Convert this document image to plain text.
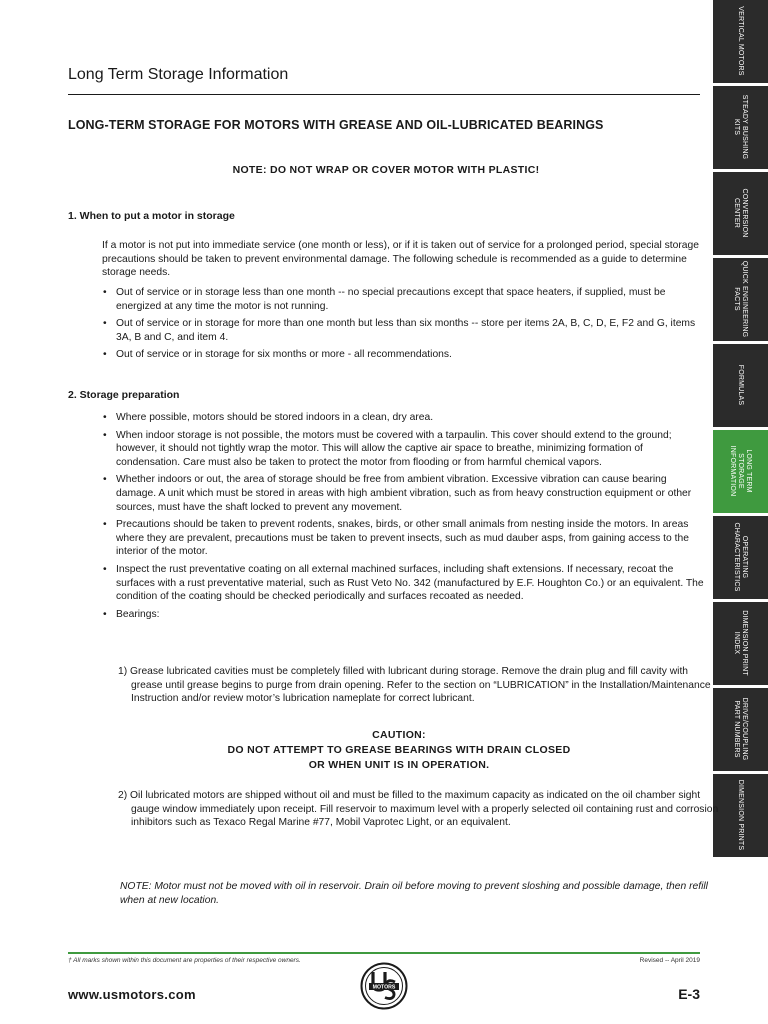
Long Term Storage Information	VERTICAL MOTORS
STEADY BUSHING KITS
CONVERSION CENTER
QUICK ENGINEERING FACTS
FORMULAS
LONG TERM STORAGE INFORMATION
OPERATING CHARACTERISTICS
DIMENSION PRINT INDEX
DRIVE/COUPLING PART NUMBERS
DIMENSION PRINTS
LONG-TERM STORAGE FOR MOTORS WITH GREASE AND OIL-LUBRICATED BEARINGS
NOTE: DO NOT WRAP OR COVER MOTOR WITH PLASTIC!
1. When to put a motor in storage
If a motor is not put into immediate service (one month or less), or if it is taken out of service for a prolonged period, special storage precautions should be taken to prevent environmental damage. The following schedule is recommended as a guide to determine storage needs.
• Out of service or in storage less than one month -- no special precautions except that space heaters, if supplied, must be energized at any time the motor is not running.
• Out of service or in storage for more than one month but less than six months -- store per items 2A, B, C, D, E, F2 and G, items 3A, B and C, and item 4.
• Out of service or in storage for six months or more - all recommendations.
2. Storage preparation
• Where possible, motors should be stored indoors in a clean, dry area.
• When indoor storage is not possible, the motors must be covered with a tarpaulin. This cover should extend to the ground; however, it should not tightly wrap the motor. This will allow the captive air space to breathe, minimizing formation of condensation. Care must also be taken to protect the motor from flooding or from harmful chemical vapors.
• Whether indoors or out, the area of storage should be free from ambient vibration. Excessive vibration can cause bearing damage. A unit which must be stored in areas with high ambient vibration, such as from heavy construction equipment or other sources, must have the shaft locked to prevent any movement.
• Precautions should be taken to prevent rodents, snakes, birds, or other small animals from nesting inside the motors. In areas where they are prevalent, precautions must be taken to prevent insects, such as mud dauber asps, from gaining access to the interior of the motor.
• Inspect the rust preventative coating on all external machined surfaces, including shaft extensions. If necessary, recoat the surfaces with a rust preventative material, such as Rust Veto No. 342 (manufactured by E.F. Houghton Co.) or an equivalent. The condition of the coating should be checked periodically and surfaces recoated as needed.
• Bearings:
1) Grease lubricated cavities must be completely filled with lubricant during storage. Remove the drain plug and fill cavity with grease until grease begins to purge from drain opening. Refer to the section on “LUBRICATION” in the Installation/Maintenance Instruction and/or review motor’s lubrication nameplate for correct lubricant.
CAUTION:
DO NOT ATTEMPT TO GREASE BEARINGS WITH DRAIN CLOSED
OR WHEN UNIT IS IN OPERATION.
2) Oil lubricated motors are shipped without oil and must be filled to the maximum capacity as indicated on the oil chamber sight gauge window immediately upon receipt. Fill reservoir to maximum level with a properly selected oil containing rust and corrosion inhibitors such as Texaco Regal Marine #77, Mobil Vaprotec Light, or an equivalent.
NOTE: Motor must not be moved with oil in reservoir. Drain oil before moving to prevent sloshing and possible damage, then refill when at new location.
† All marks shown within this document are properties of their respective owners.	Revised -- April 2019
www.usmotors.com	E-3
MOTORS
